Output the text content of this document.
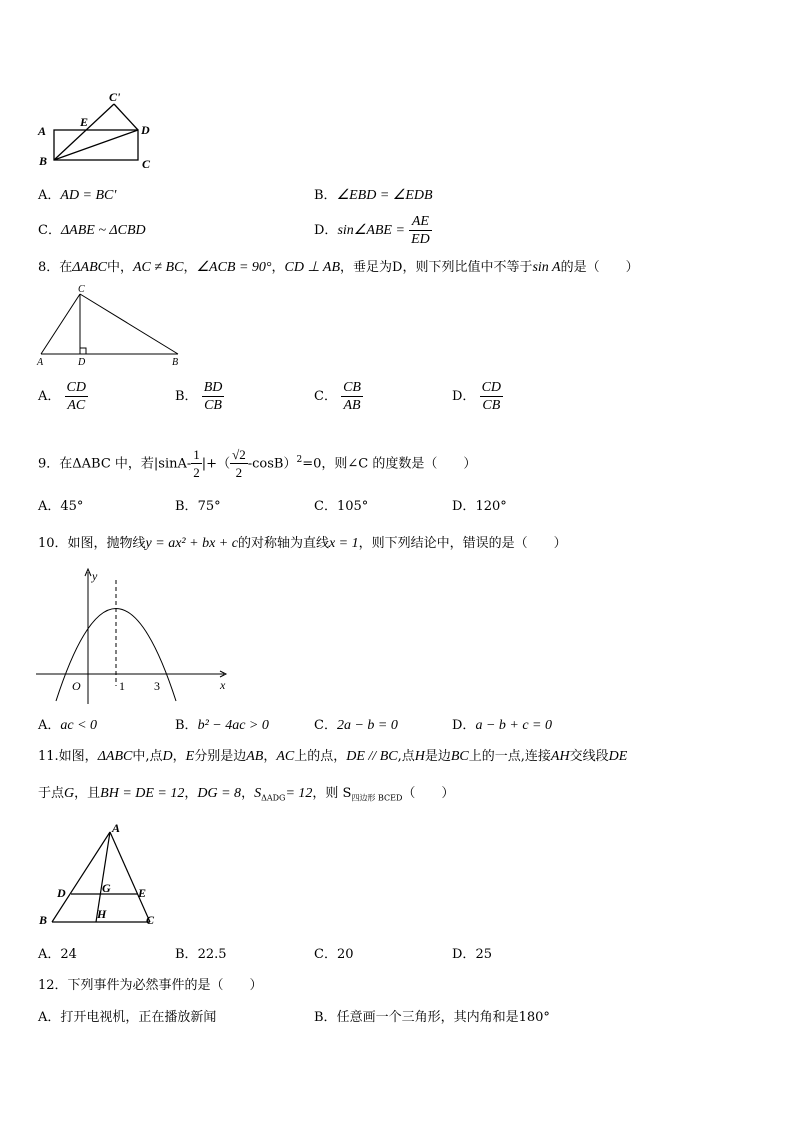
C'
E
A	D
B	C
A．AD = BC'	B．∠EBD = ∠EDB
C．ΔABE ~ ΔCBD	D．sin∠ABE = $\frac{AE}{ED}$
8．在ΔABC中，AC ≠ BC，∠ACB = 90°，CD ⊥ AB，垂足为D，则下列比值中不等于sin A的是（　　）
C
A	D	B
A． $\frac{CD}{AC}$	B． $\frac{BD}{CB}$	C． $\frac{CB}{AB}$	D． $\frac{CD}{CB}$
9．在ΔABC 中，若$|\sin A- \frac{1}{2}$ |+（ $\frac{√2}{2} -\cos B)^2=0$，则∠C 的度数是（　　）
A．45°	B．75°	C．105°	D．120°
10．如图，抛物线y = ax² + bx + c的对称轴为直线x = 1，则下列结论中，错误的是（　　）
y
x
O	1 3
A．ac < 0	B．b² − 4ac > 0	C．2a − b = 0	D．a − b + c = 0
11.如图，ΔABC中,点D，E分别是边AB，AC上的点，DE // BC,点H是边BC上的一点,连接AH交线段DE
于点G，且BH = DE = 12，DG = 8，$S_{\Delta ADG}= 12$，则 $S_{四边形 BCED}$（　　）
A
D	G E
B	H	C
A．24	B．22.5	C．20	D．25
12．下列事件为必然事件的是（　　）
A．打开电视机，正在播放新闻	B．任意画一个三角形，其内角和是180°
